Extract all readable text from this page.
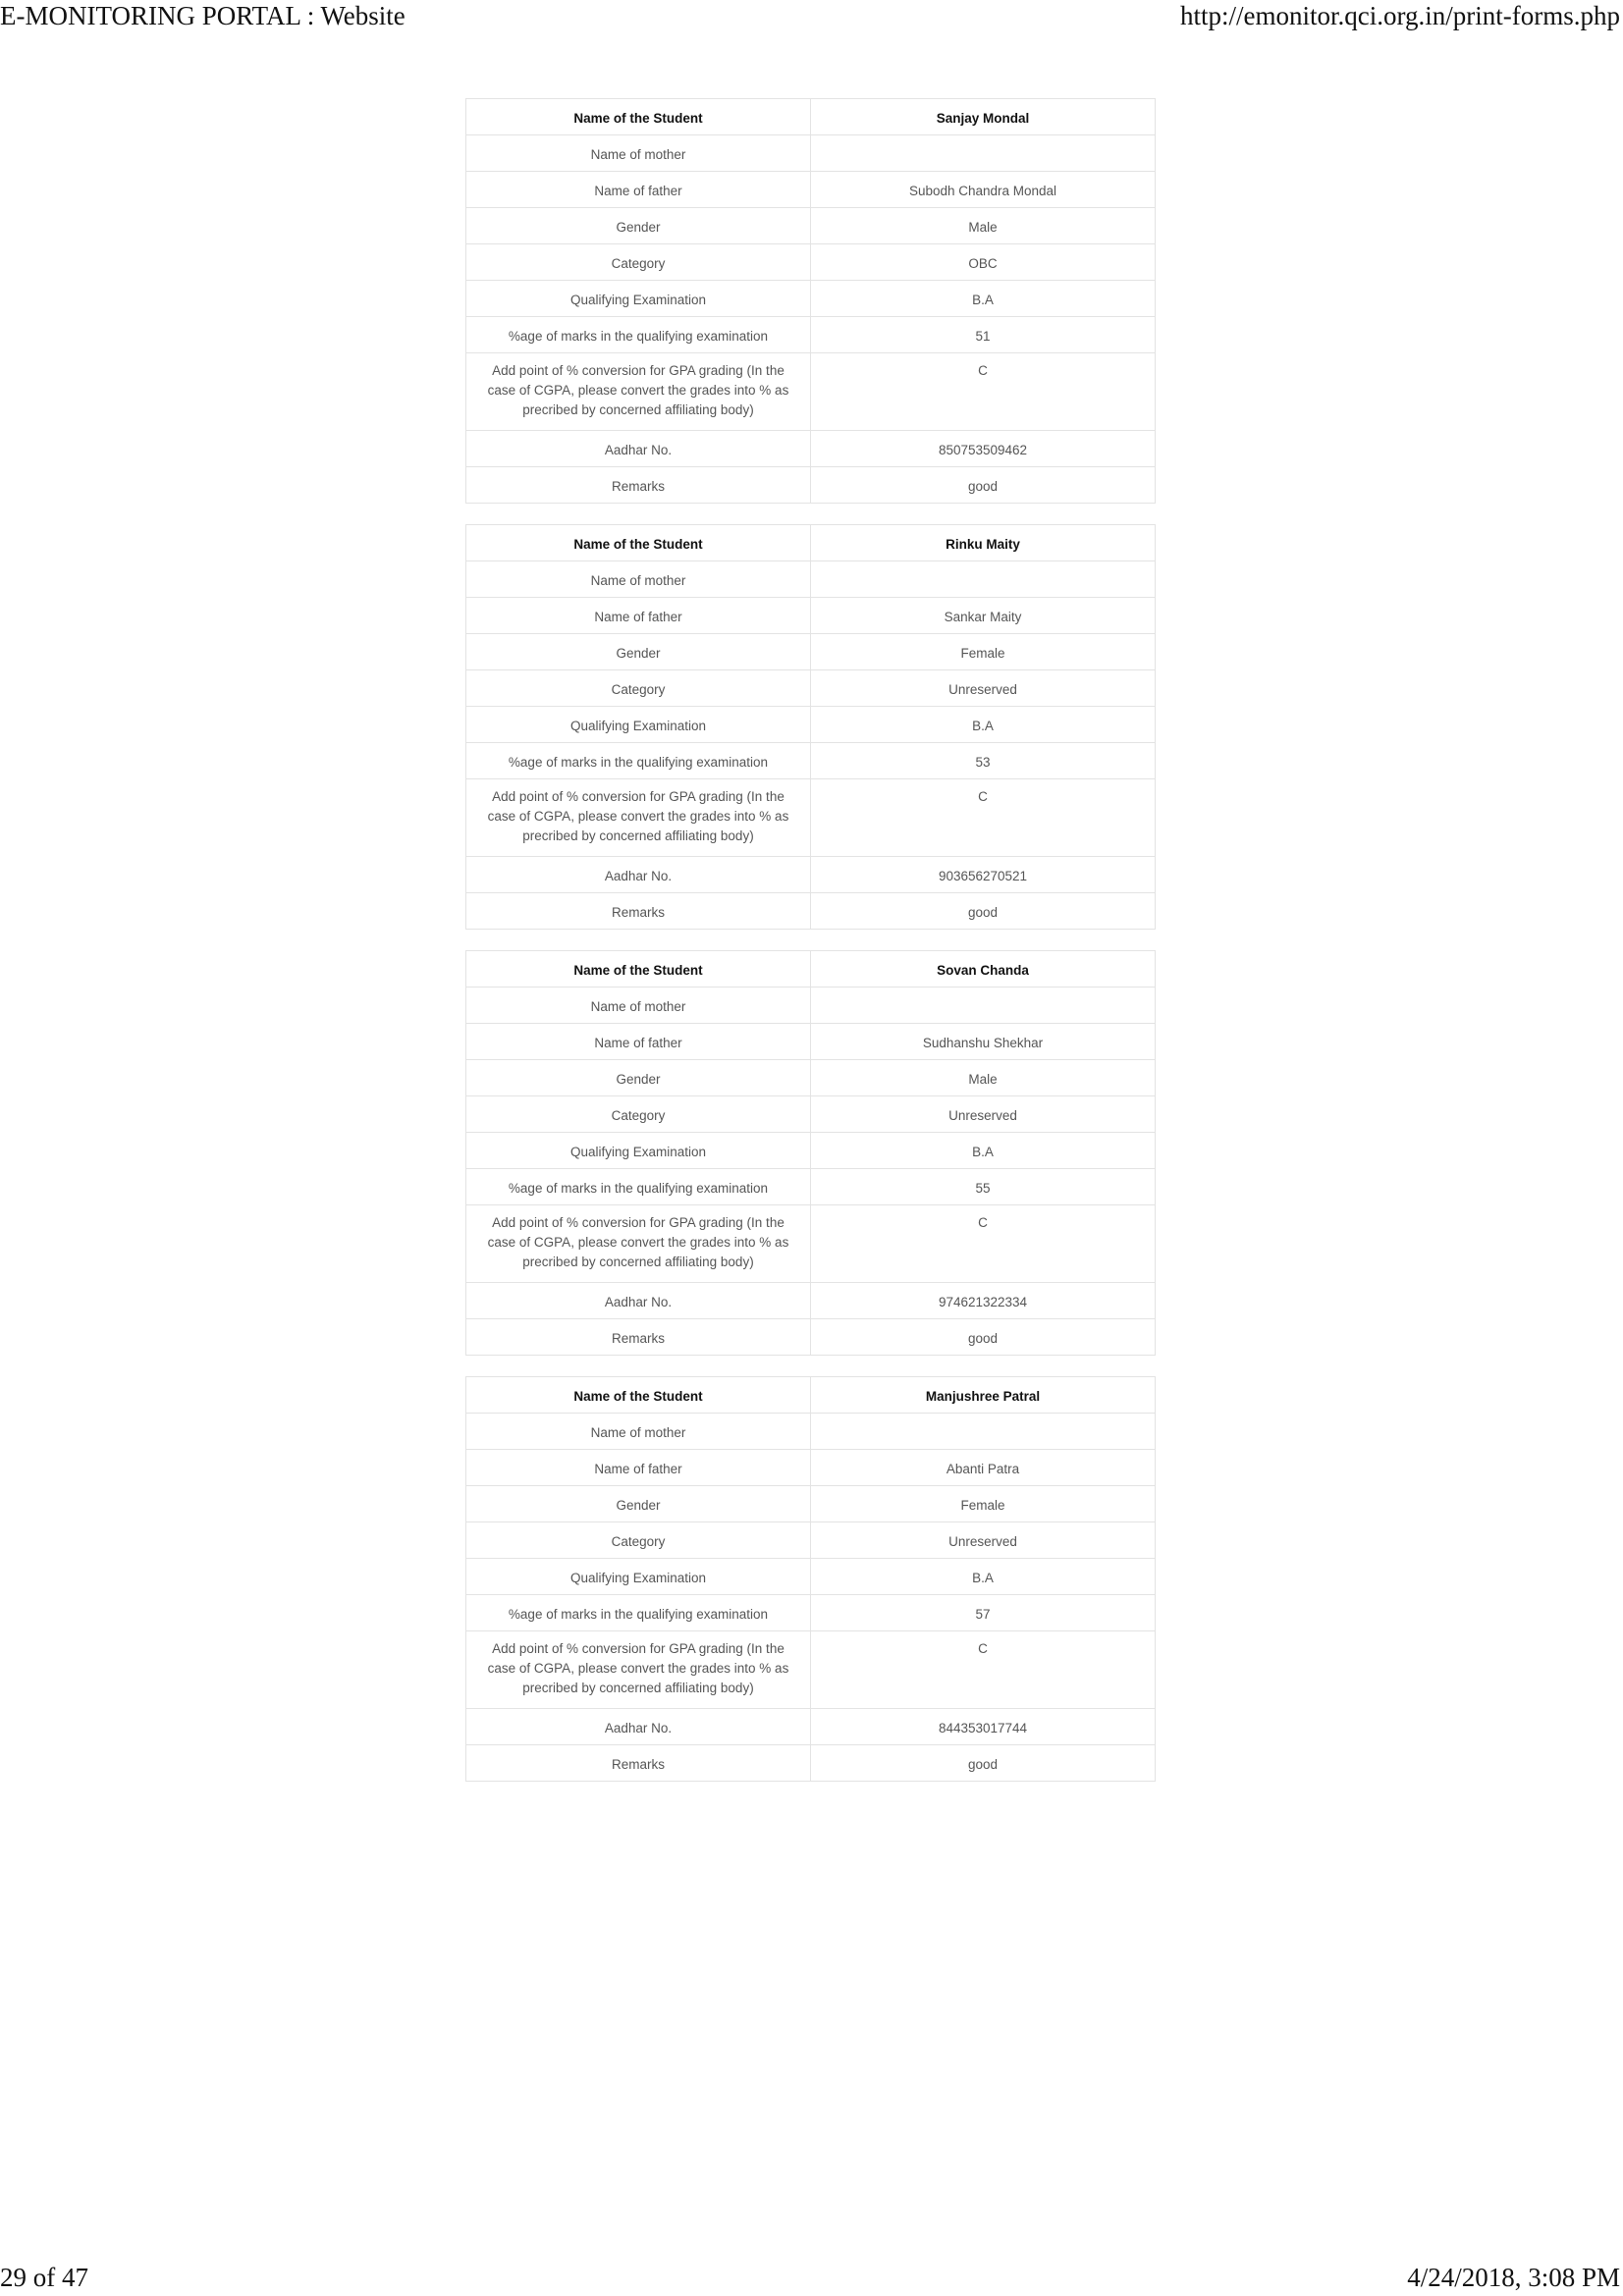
E-MONITORING PORTAL : Website	http://emonitor.qci.org.in/print-forms.php
Name of the Student	Sanjay Mondal
Name of mother	
Name of father	Subodh Chandra Mondal
Gender	Male
Category	OBC
Qualifying Examination	B.A
%age of marks in the qualifying examination	51
Add point of % conversion for GPA grading (In the case of CGPA, please convert the grades into % as precribed by concerned affiliating body)	C
Aadhar No.	850753509462
Remarks	good
Name of the Student	Rinku Maity
Name of mother	
Name of father	Sankar Maity
Gender	Female
Category	Unreserved
Qualifying Examination	B.A
%age of marks in the qualifying examination	53
Add point of % conversion for GPA grading (In the case of CGPA, please convert the grades into % as precribed by concerned affiliating body)	C
Aadhar No.	903656270521
Remarks	good
Name of the Student	Sovan Chanda
Name of mother	
Name of father	Sudhanshu Shekhar
Gender	Male
Category	Unreserved
Qualifying Examination	B.A
%age of marks in the qualifying examination	55
Add point of % conversion for GPA grading (In the case of CGPA, please convert the grades into % as precribed by concerned affiliating body)	C
Aadhar No.	974621322334
Remarks	good
Name of the Student	Manjushree Patral
Name of mother	
Name of father	Abanti Patra
Gender	Female
Category	Unreserved
Qualifying Examination	B.A
%age of marks in the qualifying examination	57
Add point of % conversion for GPA grading (In the case of CGPA, please convert the grades into % as precribed by concerned affiliating body)	C
Aadhar No.	844353017744
Remarks	good
29 of 47	4/24/2018, 3:08 PM
